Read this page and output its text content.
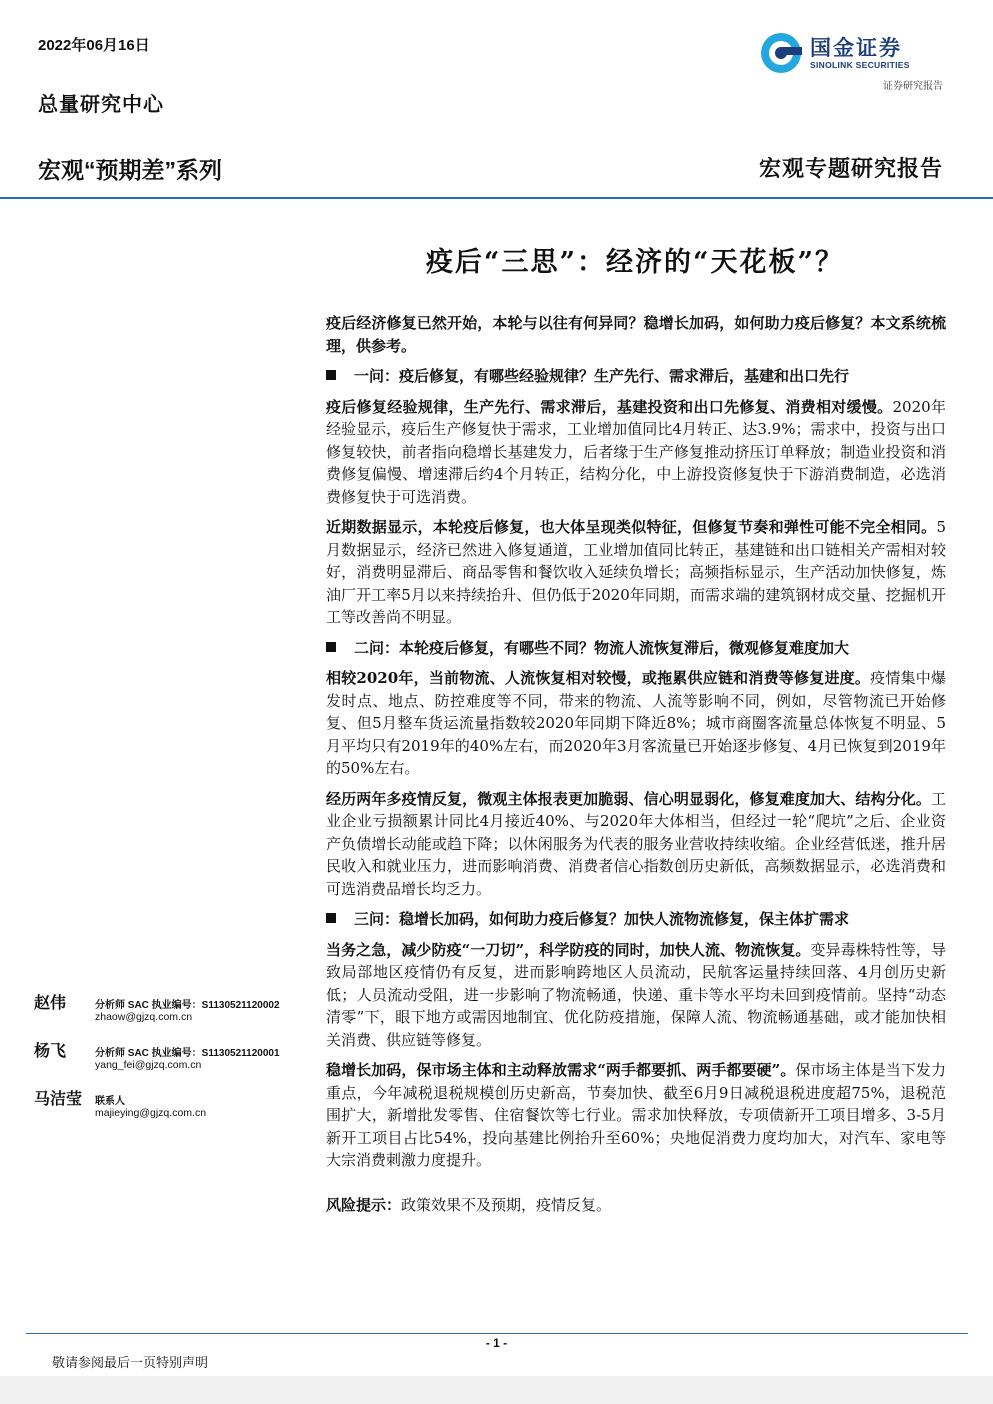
2022年06月16日
总量研究中心
宏观“预期差”系列	宏观专题研究报告
国金证券
SINOLINK SECURITIES
证券研究报告
疫后“三思”：经济的“天花板”？

疫后经济修复已然开始，本轮与以往有何异同？稳增长加码，如何助力疫后修复？本文系统梳理，供参考。

一问：疫后修复，有哪些经验规律？生产先行、需求滞后，基建和出口先行

疫后修复经验规律，生产先行、需求滞后，基建投资和出口先修复、消费相对缓慢。2020年经验显示，疫后生产修复快于需求，工业增加值同比4月转正、达3.9%；需求中，投资与出口修复较快，前者指向稳增长基建发力，后者缘于生产修复推动挤压订单释放；制造业投资和消费修复偏慢、增速滞后约4个月转正，结构分化，中上游投资修复快于下游消费制造，必选消费修复快于可选消费。

近期数据显示，本轮疫后修复，也大体呈现类似特征，但修复节奏和弹性可能不完全相同。5月数据显示，经济已然进入修复通道，工业增加值同比转正，基建链和出口链相关产需相对较好，消费明显滞后、商品零售和餐饮收入延续负增长；高频指标显示，生产活动加快修复，炼油厂开工率5月以来持续抬升、但仍低于2020年同期，而需求端的建筑钢材成交量、挖掘机开工等改善尚不明显。

二问：本轮疫后修复，有哪些不同？物流人流恢复滞后，微观修复难度加大

相较2020年，当前物流、人流恢复相对较慢，或拖累供应链和消费等修复进度。疫情集中爆发时点、地点、防控难度等不同，带来的物流、人流等影响不同，例如，尽管物流已开始修复、但5月整车货运流量指数较2020年同期下降近8%；城市商圈客流量总体恢复不明显、5月平均只有2019年的40%左右，而2020年3月客流量已开始逐步修复、4月已恢复到2019年的50%左右。

经历两年多疫情反复，微观主体报表更加脆弱、信心明显弱化，修复难度加大、结构分化。工业企业亏损额累计同比4月接近40%、与2020年大体相当，但经过一轮“爬坑”之后、企业资产负债增长动能或趋下降；以休闲服务为代表的服务业营收持续收缩。企业经营低迷，推升居民收入和就业压力，进而影响消费、消费者信心指数创历史新低，高频数据显示，必选消费和可选消费品增长均乏力。

三问：稳增长加码，如何助力疫后修复？加快人流物流修复，保主体扩需求

当务之急，减少防疫“一刀切”，科学防疫的同时，加快人流、物流恢复。变异毒株特性等，导致局部地区疫情仍有反复，进而影响跨地区人员流动，民航客运量持续回落、4月创历史新低；人员流动受阻，进一步影响了物流畅通，快递、重卡等水平均未回到疫情前。坚持“动态清零”下，眼下地方或需因地制宜、优化防疫措施，保障人流、物流畅通基础，或才能加快相关消费、供应链等修复。

稳增长加码，保市场主体和主动释放需求“两手都要抓、两手都要硬”。保市场主体是当下发力重点，今年减税退税规模创历史新高，节奏加快、截至6月9日减税退税进度超75%，退税范围扩大，新增批发零售、住宿餐饮等七行业。需求加快释放，专项债新开工项目增多、3-5月新开工项目占比54%，投向基建比例抬升至60%；央地促消费力度均加大，对汽车、家电等大宗消费刺激力度提升。

风险提示：政策效果不及预期，疫情反复。

赵伟	分析师 SAC 执业编号：S1130521120002
zhaow@gjzq.com.cn
杨飞	分析师 SAC 执业编号：S1130521120001
yang_fei@gjzq.com.cn
马洁莹 联系人
majieying@gjzq.com.cn
- 1 -
敬请参阅最后一页特别声明
